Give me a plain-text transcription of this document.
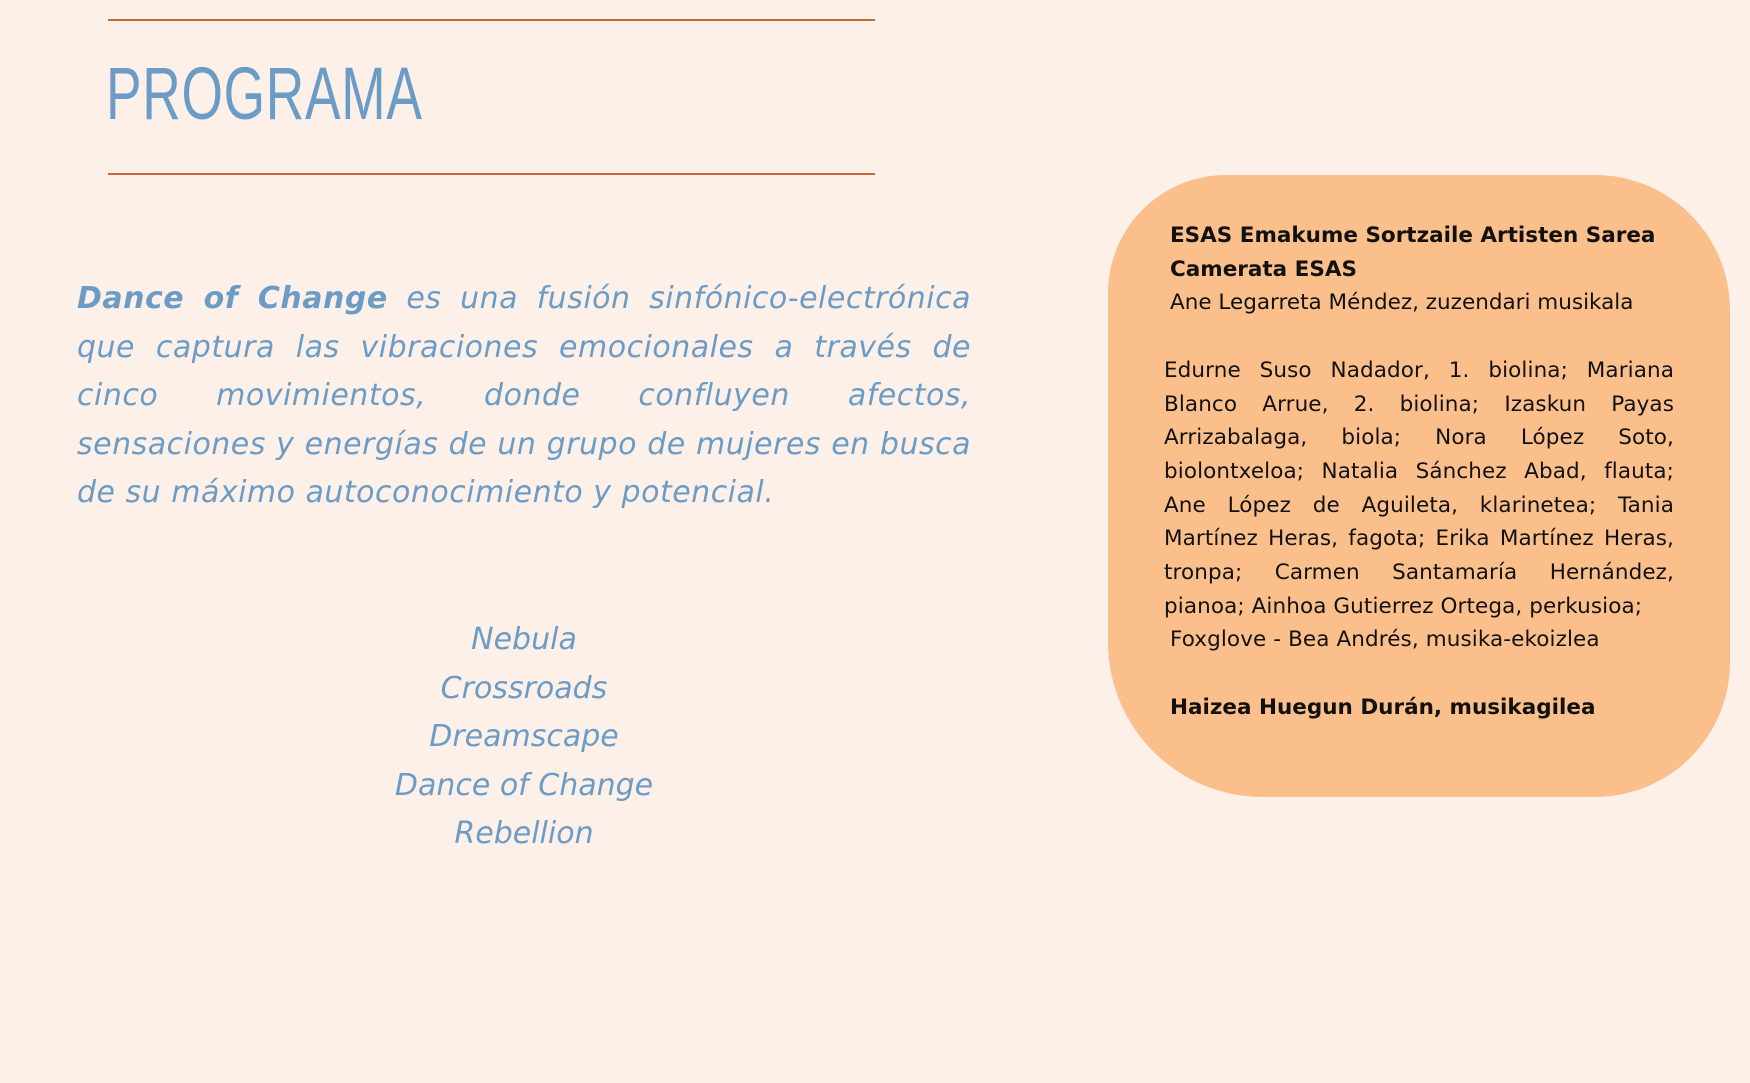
PROGRAMA

Dance of Change es una fusión sinfónico-electrónica que captura las vibraciones emocionales a través de cinco movimientos, donde confluyen afectos, sensaciones y energías de un grupo de mujeres en busca de su máximo autoconocimiento y potencial.

Nebula
Crossroads
Dreamscape
Dance of Change
Rebellion
ESAS Emakume Sortzaile Artisten Sarea
Camerata ESAS
Ane Legarreta Méndez, zuzendari musikala
Edurne Suso Nadador, 1. biolina; Mariana Blanco Arrue, 2. biolina; Izaskun Payas Arrizabalaga, biola; Nora López Soto, biolontxeloa; Natalia Sánchez Abad, flauta; Ane López de Aguileta, klarinetea; Tania Martínez Heras, fagota; Erika Martínez Heras, tronpa; Carmen Santamaría Hernández, pianoa; Ainhoa Gutierrez Ortega, perkusioa;
Foxglove - Bea Andrés, musika-ekoizlea
Haizea Huegun Durán, musikagilea
